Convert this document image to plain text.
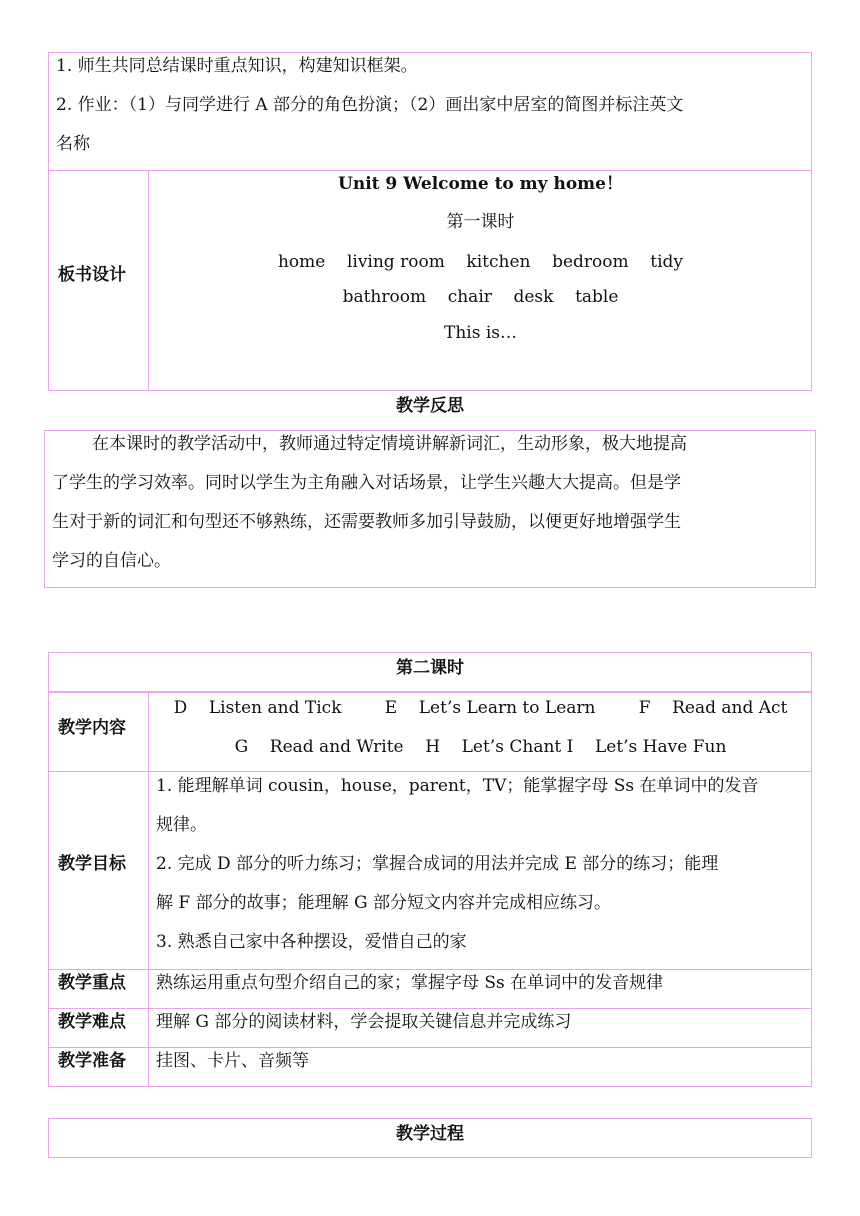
1. 师生共同总结课时重点知识，构建知识框架。
2. 作业：（1）与同学进行 A 部分的角色扮演；（2）画出家中居室的简图并标注英文
名称
板书设计
Unit 9 Welcome to my home！
第一课时
home    living room    kitchen    bedroom    tidy
bathroom    chair    desk    table
This is…
教学反思
在本课时的教学活动中，教师通过特定情境讲解新词汇，生动形象，极大地提高
了学生的学习效率。同时以学生为主角融入对话场景，让学生兴趣大大提高。但是学
生对于新的词汇和句型还不够熟练，还需要教师多加引导鼓励，以便更好地增强学生
学习的自信心。
第二课时
教学内容
D    Listen and Tick        E    Let’s Learn to Learn        F    Read and Act
G    Read and Write    H    Let’s Chant I    Let’s Have Fun
教学目标
1. 能理解单词 cousin，house，parent，TV；能掌握字母 Ss 在单词中的发音
规律。
2. 完成 D 部分的听力练习；掌握合成词的用法并完成 E 部分的练习；能理
解 F 部分的故事；能理解 G 部分短文内容并完成相应练习。
3. 熟悉自己家中各种摆设，爱惜自己的家
教学重点 熟练运用重点句型介绍自己的家；掌握字母 Ss 在单词中的发音规律
教学难点 理解 G 部分的阅读材料，学会提取关键信息并完成练习
教学准备 挂图、卡片、音频等
教学过程
